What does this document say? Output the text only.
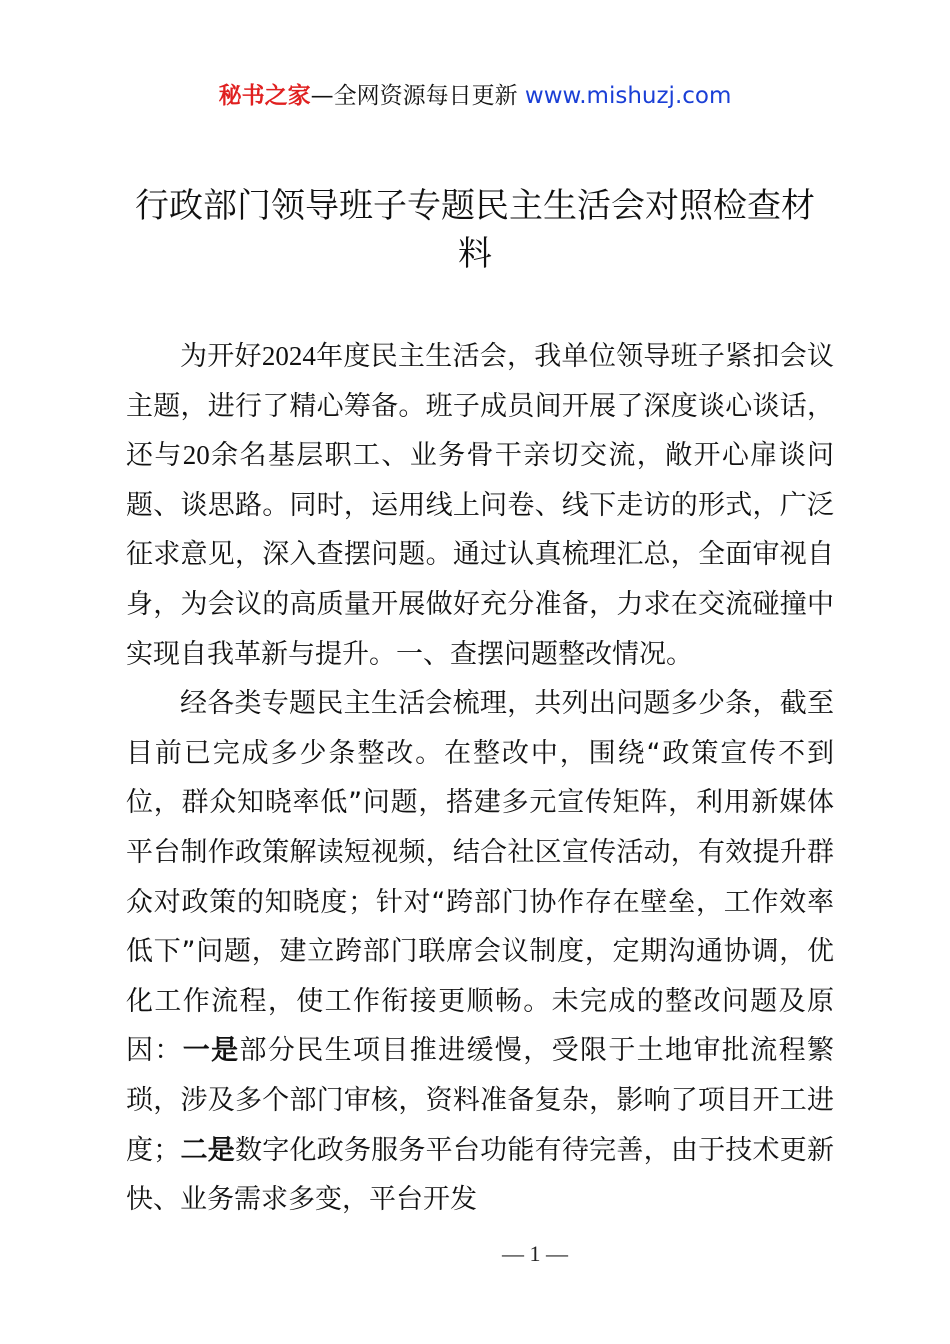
秘书之家—全网资源每日更新 www.mishuzj.com
行政部门领导班子专题民主生活会对照检查材料

为开好2024年度民主生活会，我单位领导班子紧扣会议主题，进行了精心筹备。班子成员间开展了深度谈心谈话，还与20余名基层职工、业务骨干亲切交流，敞开心扉谈问题、谈思路。同时，运用线上问卷、线下走访的形式，广泛征求意见，深入查摆问题。通过认真梳理汇总，全面审视自身，为会议的高质量开展做好充分准备，力求在交流碰撞中实现自我革新与提升。一、查摆问题整改情况。

经各类专题民主生活会梳理，共列出问题多少条，截至目前已完成多少条整改。在整改中，围绕“政策宣传不到位，群众知晓率低”问题，搭建多元宣传矩阵，利用新媒体平台制作政策解读短视频，结合社区宣传活动，有效提升群众对政策的知晓度；针对“跨部门协作存在壁垒，工作效率低下”问题，建立跨部门联席会议制度，定期沟通协调，优化工作流程，使工作衔接更顺畅。未完成的整改问题及原因：一是部分民生项目推进缓慢，受限于土地审批流程繁琐，涉及多个部门审核，资料准备复杂，影响了项目开工进度；二是数字化政务服务平台功能有待完善，由于技术更新快、业务需求多变，平台开发

— 1 —
